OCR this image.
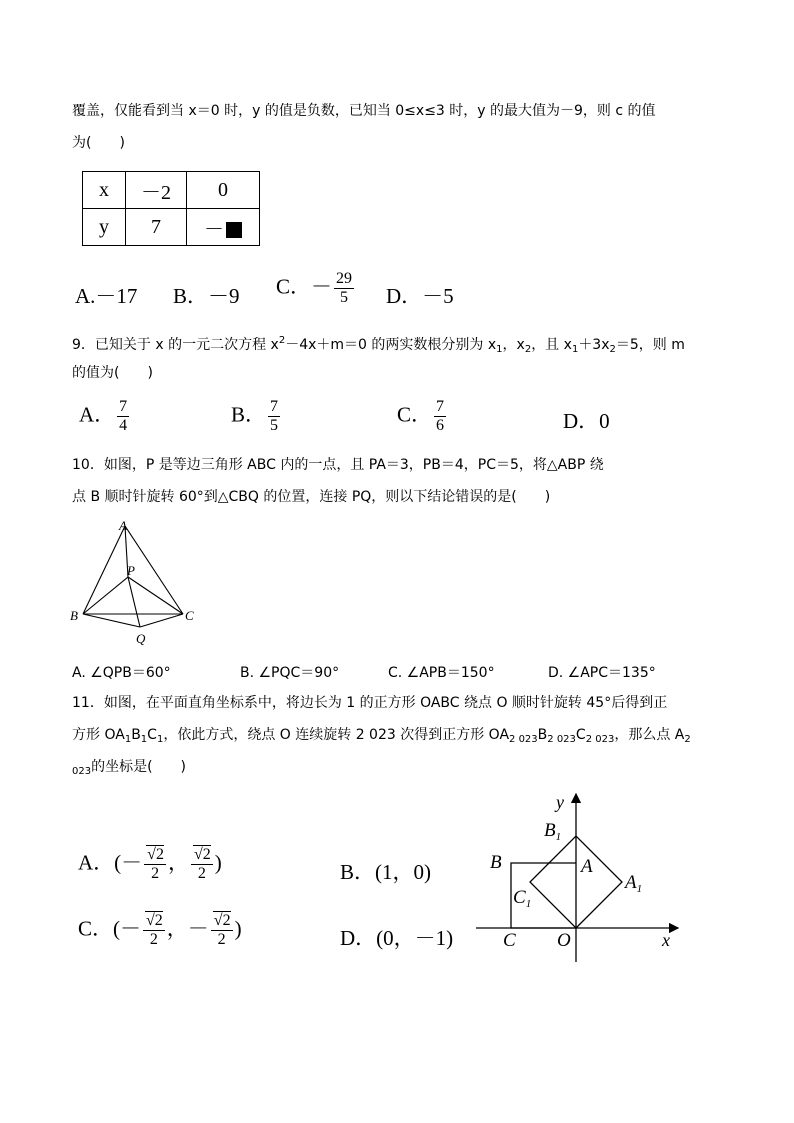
覆盖，仅能看到当 x＝0 时，y 的值是负数，已知当 0≤x≤3 时，y 的最大值为－9，则 c 的值
为(　　)
x	－2	0
y	7	－
A.－17 B．－9 C．－ $\frac{29}{5}$ D．－5
9．已知关于 x 的一元二次方程 $x^2-4x+m=0$ 的两实数根分别为 $x_1$，$x_2$，且 $x_1+3x_2=5$，则 m
的值为(　　)
A． $\frac{7}{4}$	B． $\frac{7}{5}$	C． $\frac{7}{6}$	D．0
10．如图，P 是等边三角形 ABC 内的一点，且 PA＝3，PB＝4，PC＝5，将△ABP 绕
点 B 顺时针旋转 60°到△CBQ 的位置，连接 PQ，则以下结论错误的是(　　)
A
B	C
P
Q
A. ∠QPB＝60°	B. ∠PQC＝90°	C. ∠APB＝150°	D. ∠APC＝135°
11．如图，在平面直角坐标系中，将边长为 1 的正方形 OABC 绕点 O 顺时针旋转 45°后得到正
方形 $OA_1B_1C_1$，依此方式，绕点 O 连续旋转 2 023 次得到正方形 $OA_{2 023}B_{2 023}C_{2 023}$，那么点 $A_2$
$_{023}$的坐标是(　　)
A．(－ $\frac{√2}{2}$ ， $\frac{√2}{2}$ )	B．(1，0)
C．(－ $\frac{√2}{2}$ ，－ $\frac{√2}{2}$ )	D．(0，－1)
y
x
O
C
B	A
$B_1$
$A_1$
$C_1$
